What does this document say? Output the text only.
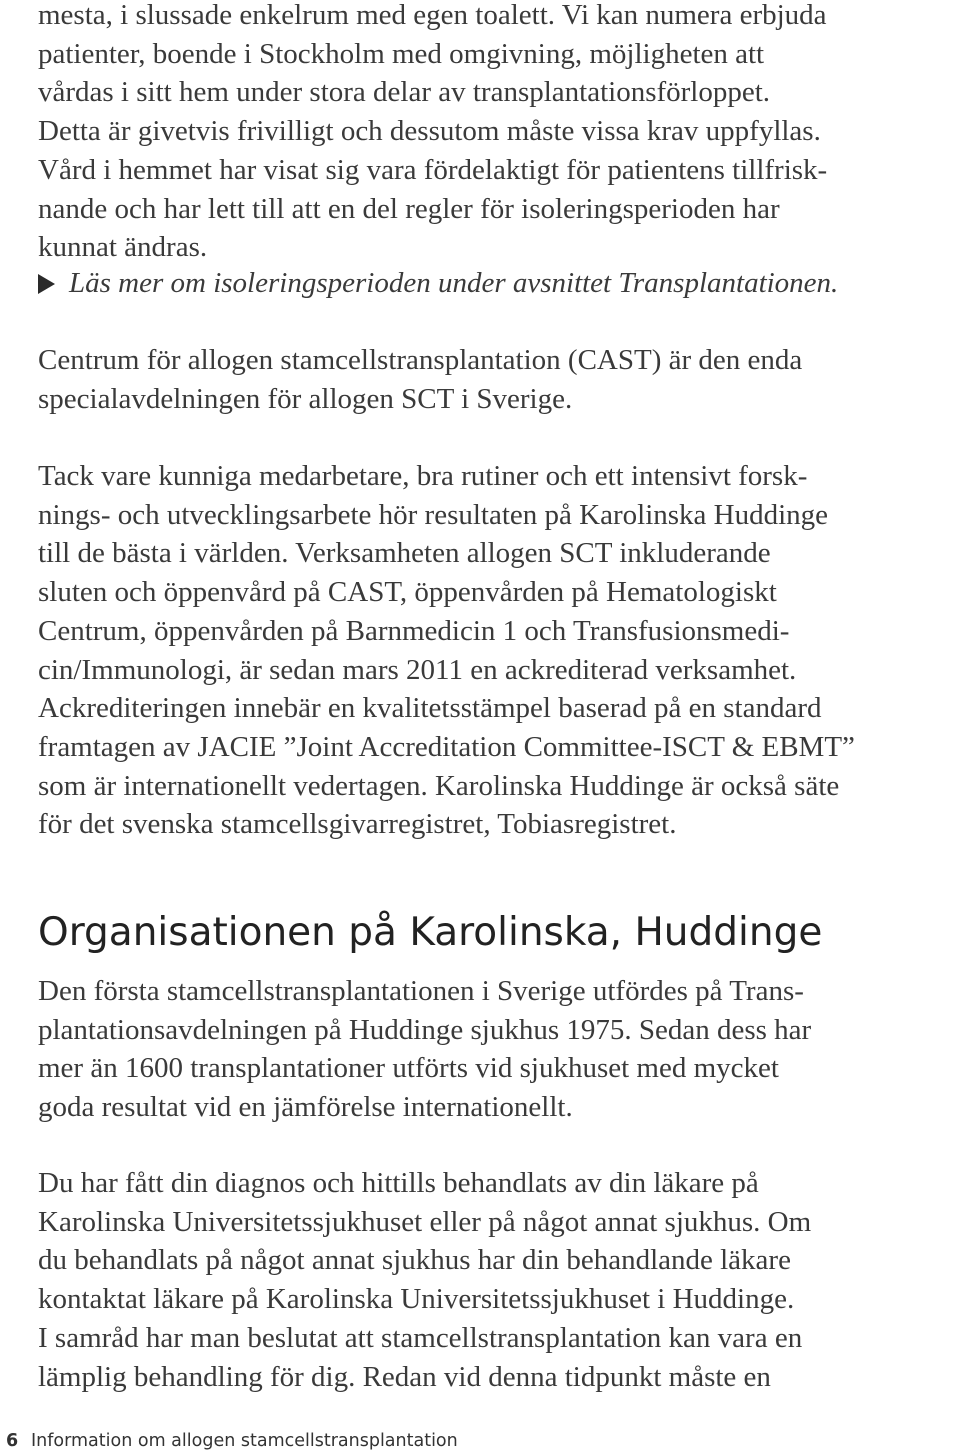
mesta, i slussade enkelrum med egen toalett. Vi kan numera erbjuda
patienter, boende i Stockholm med omgivning, möjligheten att
vårdas i sitt hem under stora delar av transplantationsförloppet.
Detta är givetvis frivilligt och dessutom måste vissa krav uppfyllas.
Vård i hemmet har visat sig vara fördelaktigt för patientens tillfrisk-
nande och har lett till att en del regler för isoleringsperioden har
kunnat ändras.

Läs mer om isoleringsperioden under avsnittet Transplantationen.

Centrum för allogen stamcellstransplantation (CAST) är den enda
specialavdelningen för allogen SCT i Sverige.

Tack vare kunniga medarbetare, bra rutiner och ett intensivt forsk-
nings- och utvecklingsarbete hör resultaten på Karolinska Huddinge
till de bästa i världen. Verksamheten allogen SCT inkluderande
sluten och öppenvård på CAST, öppenvården på Hematologiskt
Centrum, öppenvården på Barnmedicin 1 och Transfusionsmedi-
cin/Immunologi, är sedan mars 2011 en ackrediterad verksamhet.
Ackrediteringen innebär en kvalitetsstämpel baserad på en standard
framtagen av JACIE ”Joint Accreditation Committee-ISCT & EBMT”
som är internationellt vedertagen. Karolinska Huddinge är också säte
för det svenska stamcellsgivarregistret, Tobiasregistret.

Organisationen på Karolinska, Huddinge

Den första stamcellstransplantationen i Sverige utfördes på Trans-
plantationsavdelningen på Huddinge sjukhus 1975. Sedan dess har
mer än 1600 transplantationer utförts vid sjukhuset med mycket
goda resultat vid en jämförelse internationellt.

Du har fått din diagnos och hittills behandlats av din läkare på
Karolinska Universitetssjukhuset eller på något annat sjukhus. Om
du behandlats på något annat sjukhus har din behandlande läkare
kontaktat läkare på Karolinska Universitetssjukhuset i Huddinge.
I samråd har man beslutat att stamcellstransplantation kan vara en
lämplig behandling för dig. Redan vid denna tidpunkt måste en

6 Information om allogen stamcellstransplantation
